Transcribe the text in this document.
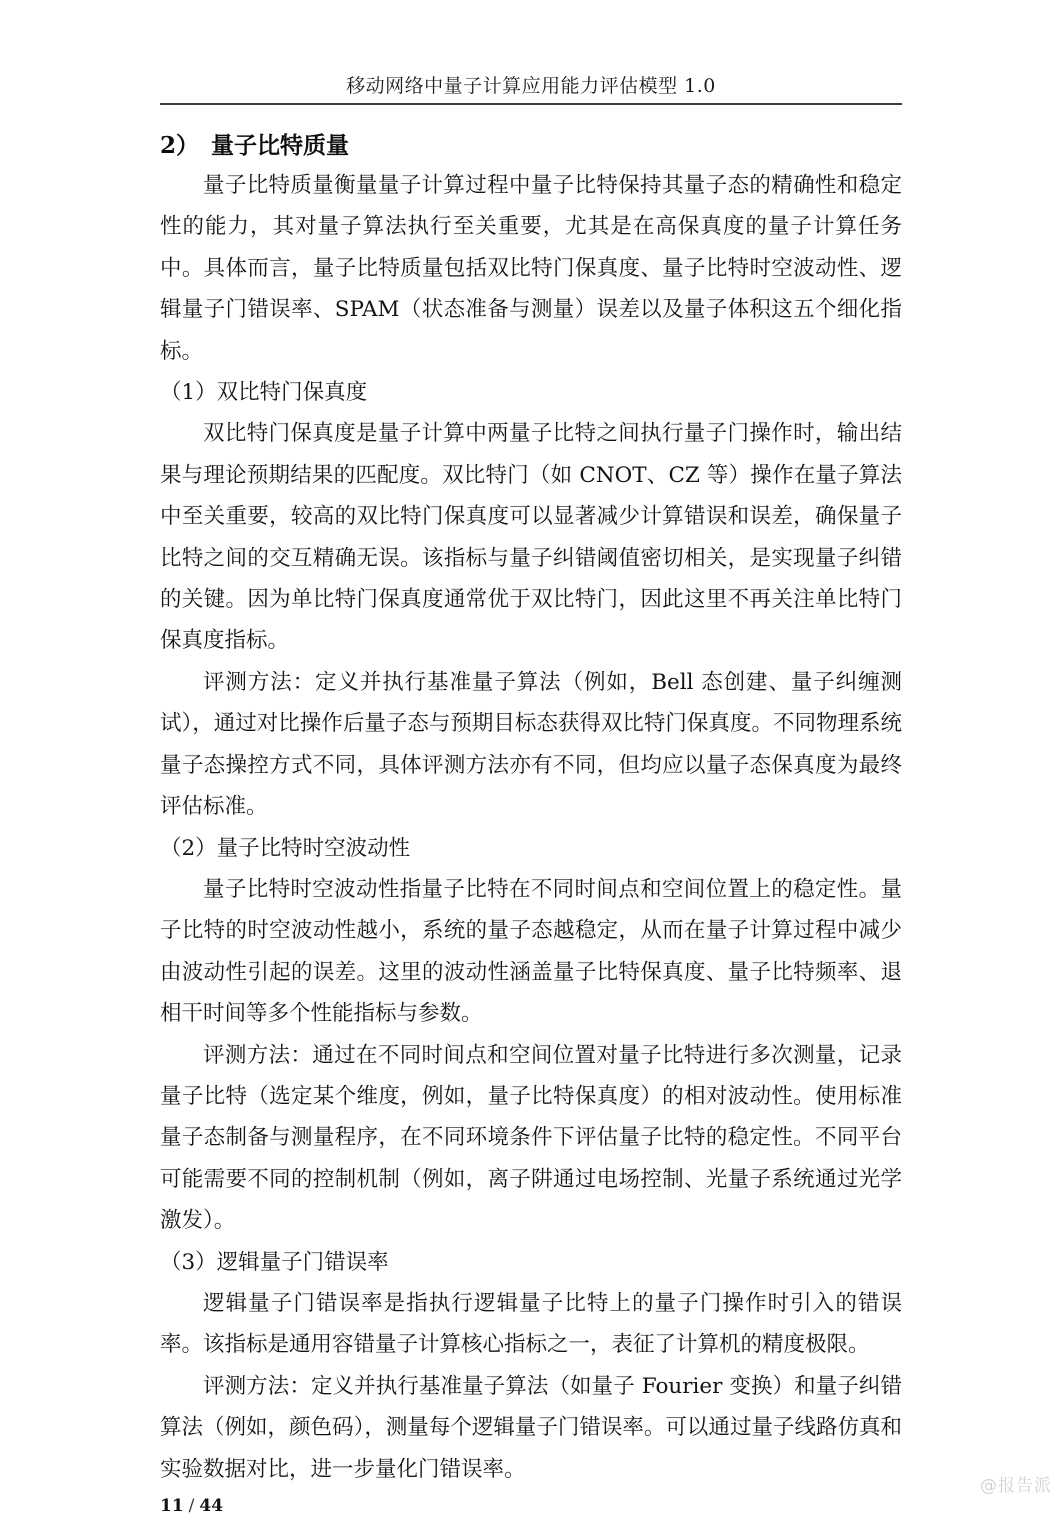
移动网络中量子计算应用能力评估模型 1.0
2） 量子比特质量

量子比特质量衡量量子计算过程中量子比特保持其量子态的精确性和稳定性的能力，其对量子算法执行至关重要，尤其是在高保真度的量子计算任务中。具体而言，量子比特质量包括双比特门保真度、量子比特时空波动性、逻辑量子门错误率、SPAM（状态准备与测量）误差以及量子体积这五个细化指标。

（1）双比特门保真度

双比特门保真度是量子计算中两量子比特之间执行量子门操作时，输出结果与理论预期结果的匹配度。双比特门（如 CNOT、CZ 等）操作在量子算法中至关重要，较高的双比特门保真度可以显著减少计算错误和误差，确保量子比特之间的交互精确无误。该指标与量子纠错阈值密切相关，是实现量子纠错的关键。因为单比特门保真度通常优于双比特门，因此这里不再关注单比特门保真度指标。

评测方法：定义并执行基准量子算法（例如，Bell 态创建、量子纠缠测试），通过对比操作后量子态与预期目标态获得双比特门保真度。不同物理系统量子态操控方式不同，具体评测方法亦有不同，但均应以量子态保真度为最终评估标准。

（2）量子比特时空波动性

量子比特时空波动性指量子比特在不同时间点和空间位置上的稳定性。量子比特的时空波动性越小，系统的量子态越稳定，从而在量子计算过程中减少由波动性引起的误差。这里的波动性涵盖量子比特保真度、量子比特频率、退相干时间等多个性能指标与参数。

评测方法：通过在不同时间点和空间位置对量子比特进行多次测量，记录量子比特（选定某个维度，例如，量子比特保真度）的相对波动性。使用标准量子态制备与测量程序，在不同环境条件下评估量子比特的稳定性。不同平台可能需要不同的控制机制（例如，离子阱通过电场控制、光量子系统通过光学激发）。

（3）逻辑量子门错误率

逻辑量子门错误率是指执行逻辑量子比特上的量子门操作时引入的错误率。该指标是通用容错量子计算核心指标之一，表征了计算机的精度极限。

评测方法：定义并执行基准量子算法（如量子 Fourier 变换）和量子纠错算法（例如，颜色码），测量每个逻辑量子门错误率。可以通过量子线路仿真和实验数据对比，进一步量化门错误率。

11 / 44
@报告派
